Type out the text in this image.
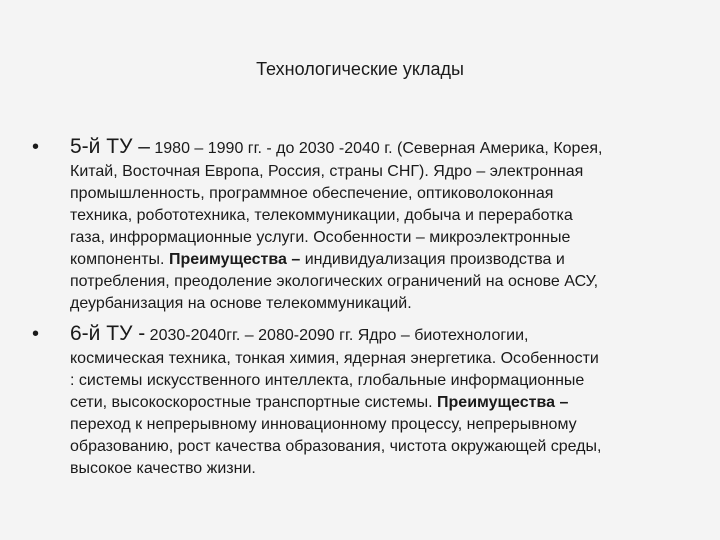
Технологические уклады
• 5-й ТУ – 1980 – 1990 гг. - до 2030 -2040 г. (Северная Америка, Корея,
Китай, Восточная Европа, Россия, страны СНГ). Ядро – электронная
промышленность, программное обеспечение, оптиковолоконная
техника, робототехника, телекоммуникации, добыча и переработка
газа, инфрормационные услуги. Особенности – микроэлектронные
компоненты. Преимущества – индивидуализация производства и
потребления, преодоление экологических ограничений на основе АСУ,
деурбанизация на основе телекоммуникаций.
• 6-й ТУ - 2030-2040гг. – 2080-2090 гг. Ядро – биотехнологии,
космическая техника, тонкая химия, ядерная энергетика. Особенности
: системы искусственного интеллекта, глобальные информационные
сети, высокоскоростные транспортные системы. Преимущества –
переход к непрерывному инновационному процессу, непрерывному
образованию, рост качества образования, чистота окружающей среды,
высокое качество жизни.
